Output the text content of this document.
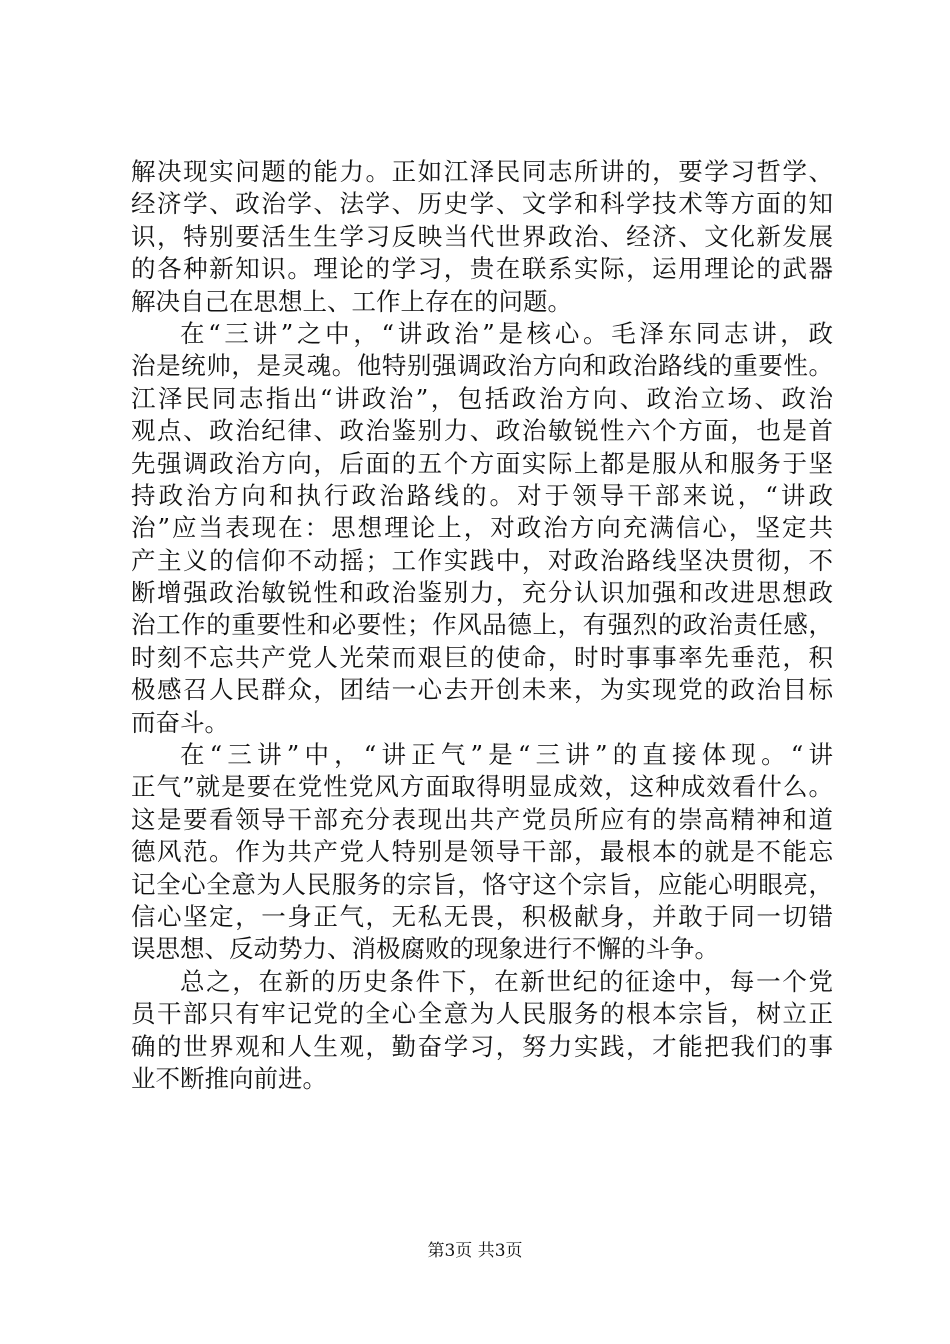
解决现实问题的能力。正如江泽民同志所讲的，要学习哲学、
经济学、政治学、法学、历史学、文学和科学技术等方面的知
识，特别要活生生学习反映当代世界政治、经济、文化新发展
的各种新知识。理论的学习，贵在联系实际，运用理论的武器
解决自己在思想上、工作上存在的问题。
在“三讲”之中，“讲政治”是核心。毛泽东同志讲，政
治是统帅，是灵魂。他特别强调政治方向和政治路线的重要性。
江泽民同志指出“讲政治”，包括政治方向、政治立场、政治
观点、政治纪律、政治鉴别力、政治敏锐性六个方面，也是首
先强调政治方向，后面的五个方面实际上都是服从和服务于坚
持政治方向和执行政治路线的。对于领导干部来说，“讲政
治”应当表现在：思想理论上，对政治方向充满信心，坚定共
产主义的信仰不动摇；工作实践中，对政治路线坚决贯彻，不
断增强政治敏锐性和政治鉴别力，充分认识加强和改进思想政
治工作的重要性和必要性；作风品德上，有强烈的政治责任感，
时刻不忘共产党人光荣而艰巨的使命，时时事事率先垂范，积
极感召人民群众，团结一心去开创未来，为实现党的政治目标
而奋斗。
在“三讲”中，“讲正气”是“三讲”的直接体现。“讲
正气”就是要在党性党风方面取得明显成效，这种成效看什么。
这是要看领导干部充分表现出共产党员所应有的崇高精神和道
德风范。作为共产党人特别是领导干部，最根本的就是不能忘
记全心全意为人民服务的宗旨，恪守这个宗旨，应能心明眼亮，
信心坚定，一身正气，无私无畏，积极献身，并敢于同一切错
误思想、反动势力、消极腐败的现象进行不懈的斗争。
总之，在新的历史条件下，在新世纪的征途中，每一个党
员干部只有牢记党的全心全意为人民服务的根本宗旨，树立正
确的世界观和人生观，勤奋学习，努力实践，才能把我们的事
业不断推向前进。
第3页 共3页
